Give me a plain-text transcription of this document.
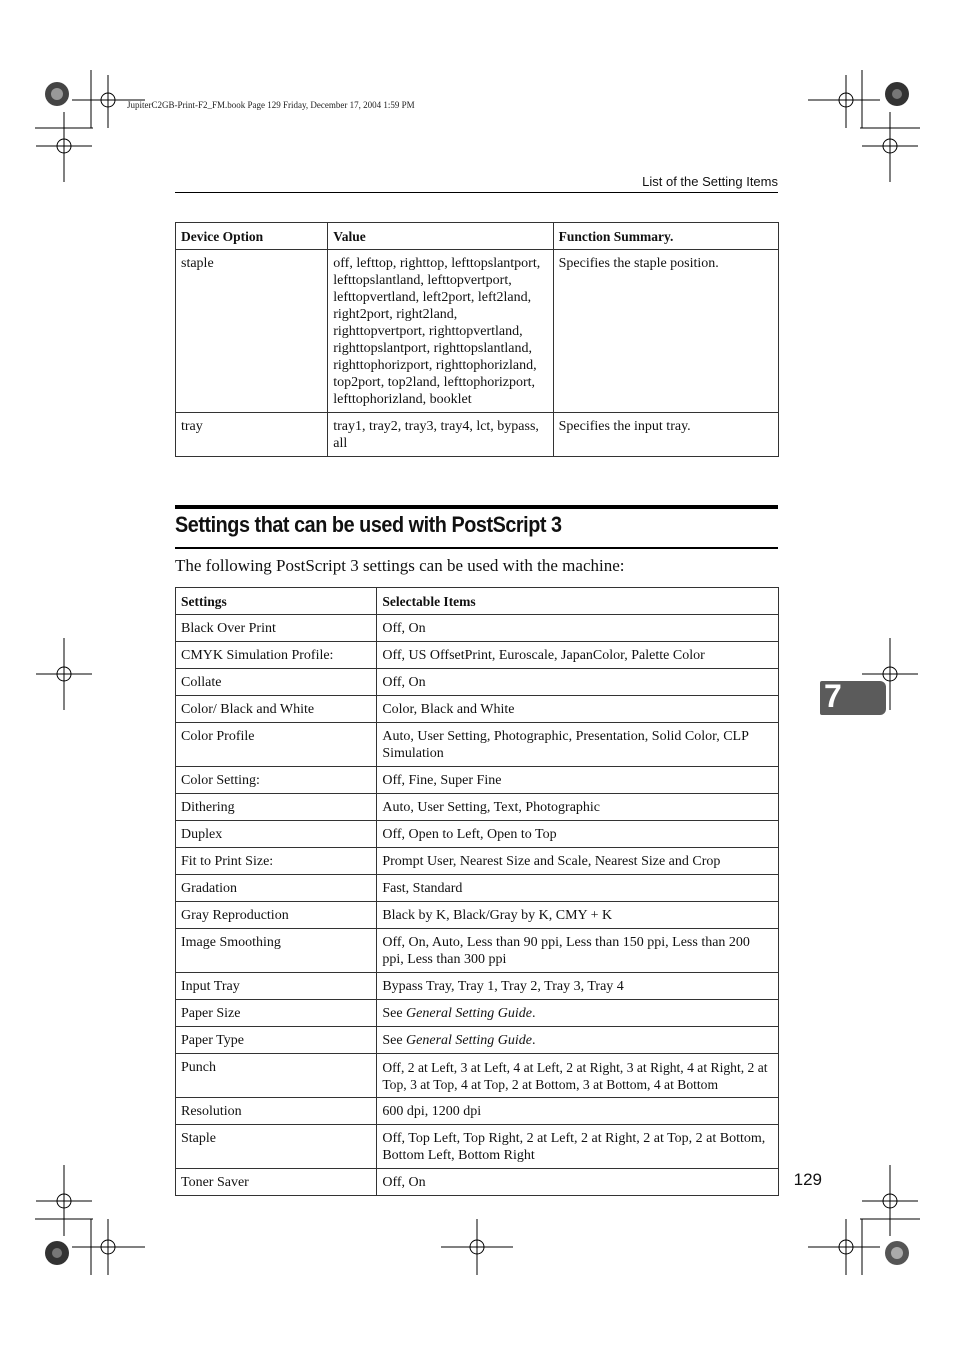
JupiterC2GB-Print-F2_FM.book Page 129 Friday, December 17, 2004 1:59 PM
List of the Setting Items
Device Option	Value	Function Summary.
staple	off, lefttop, righttop, lefttopslantport, lefttopslantland, lefttopvertport, lefttopvertland, left2port, left2land, right2port, right2land, righttopvertport, righttopvertland, righttopslantport, righttopslantland, righttophorizport, righttophorizland, top2port, top2land, lefttophorizport, lefttophorizland, booklet	Specifies the staple position.
tray	tray1, tray2, tray3, tray4, lct, bypass, all	Specifies the input tray.
Settings that can be used with PostScript 3
The following PostScript 3 settings can be used with the machine:
Settings	Selectable Items
Black Over Print	Off, On
CMYK Simulation Profile:	Off, US OffsetPrint, Euroscale, JapanColor, Palette Color
Collate	Off, On
Color/ Black and White	Color, Black and White
Color Profile	Auto, User Setting, Photographic, Presentation, Solid Color, CLP Simulation
Color Setting:	Off, Fine, Super Fine
Dithering	Auto, User Setting, Text, Photographic
Duplex	Off, Open to Left, Open to Top
Fit to Print Size:	Prompt User, Nearest Size and Scale, Nearest Size and Crop
Gradation	Fast, Standard
Gray Reproduction	Black by K, Black/Gray by K, CMY + K
Image Smoothing	Off, On, Auto, Less than 90 ppi, Less than 150 ppi, Less than 200 ppi, Less than 300 ppi
Input Tray	Bypass Tray, Tray 1, Tray 2, Tray 3, Tray 4
Paper Size	See General Setting Guide.
Paper Type	See General Setting Guide.
Punch	Off, 2 at Left, 3 at Left, 4 at Left, 2 at Right, 3 at Right, 4 at Right, 2 at Top, 3 at Top, 4 at Top, 2 at Bottom, 3 at Bottom, 4 at Bottom
Resolution	600 dpi, 1200 dpi
Staple	Off, Top Left, Top Right, 2 at Left, 2 at Right, 2 at Top, 2 at Bottom, Bottom Left, Bottom Right
Toner Saver	Off, On
7
129
